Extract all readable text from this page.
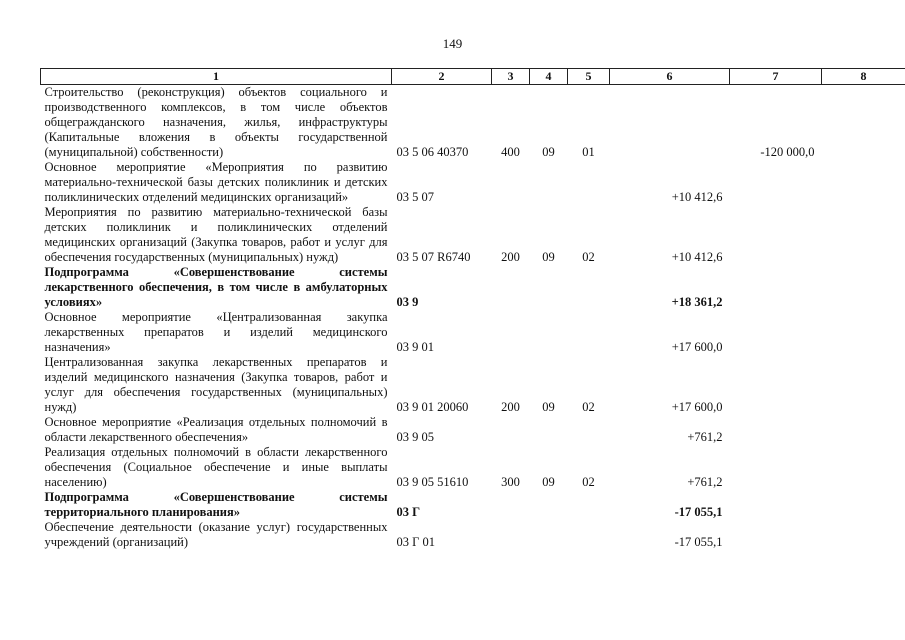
149
1	2	3	4	5	6	7	8
Строительство (реконструкция) объектов социального и производственного комплексов, в том числе объектов общегражданского назначения, жилья, инфраструктуры (Капитальные вложения в объекты государственной (муниципальной) собственности)	03 5 06 40370	400	09	01		-120 000,0	
Основное мероприятие «Мероприятия по развитию материально-технической базы детских поликлиник и детских поликлинических отделений медицинских организаций»	03 5 07				+10 412,6		
Мероприятия по развитию материально-технической базы детских поликлиник и поликлинических отделений медицинских организаций (Закупка товаров, работ и услуг для обеспечения государственных (муниципальных) нужд)	03 5 07 R6740	200	09	02	+10 412,6		
Подпрограмма «Совершенствование системы лекарственного обеспечения, в том числе в амбулаторных условиях»	03 9				+18 361,2		
Основное мероприятие «Централизованная закупка лекарственных препаратов и изделий медицинского назначения»	03 9 01				+17 600,0		
Централизованная закупка лекарственных препаратов и изделий медицинского назначения (Закупка товаров, работ и услуг для обеспечения государственных (муниципальных) нужд)	03 9 01 20060	200	09	02	+17 600,0		
Основное мероприятие «Реализация отдельных полномочий в области лекарственного обеспечения»	03 9 05				+761,2		
Реализация отдельных полномочий в области лекарственного обеспечения (Социальное обеспечение и иные выплаты населению)	03 9 05 51610	300	09	02	+761,2		
Подпрограмма «Совершенствование системы территориального планирования»	03 Г				-17 055,1		
Обеспечение деятельности (оказание услуг) государственных учреждений (организаций)	03 Г 01				-17 055,1		
